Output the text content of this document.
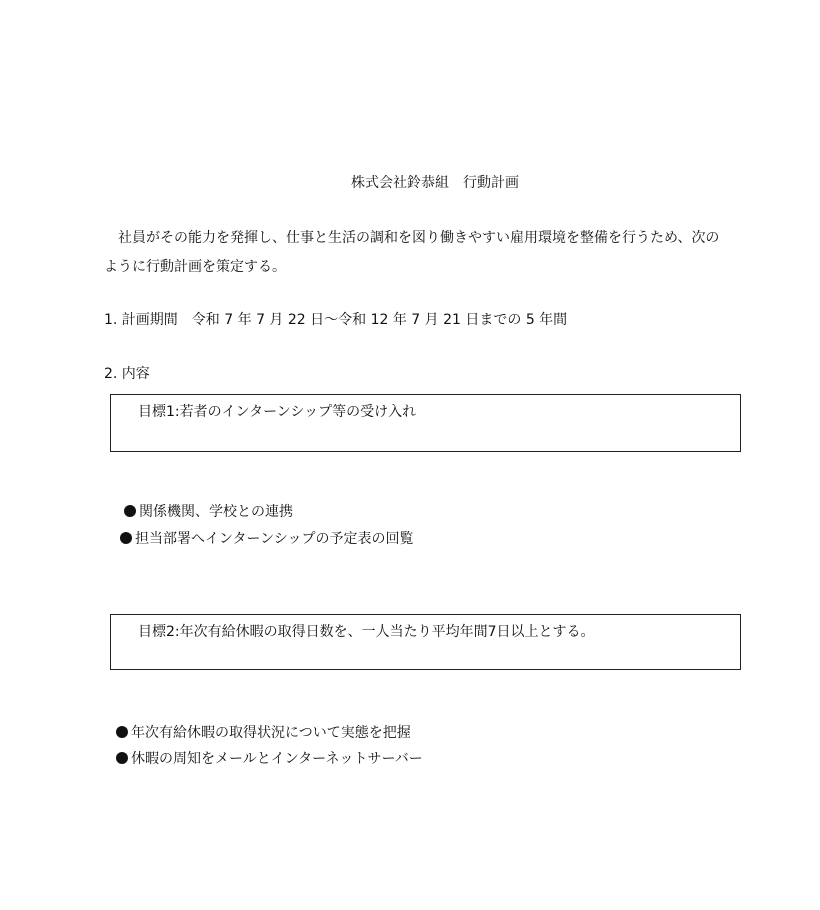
株式会社鈴恭組　行動計画

社員がその能力を発揮し、仕事と生活の調和を図り働きやすい雇用環境を整備を行うため、次の
ように行動計画を策定する。

1. 計画期間　令和 7 年 7 月 22 日～令和 12 年 7 月 21 日までの 5 年間
2. 内容
目標1:若者のインターンシップ等の受け入れ
関係機関、学校との連携
担当部署へインターンシップの予定表の回覧
目標2:年次有給休暇の取得日数を、一人当たり平均年間7日以上とする。
年次有給休暇の取得状況について実態を把握
休暇の周知をメールとインターネットサーバー
